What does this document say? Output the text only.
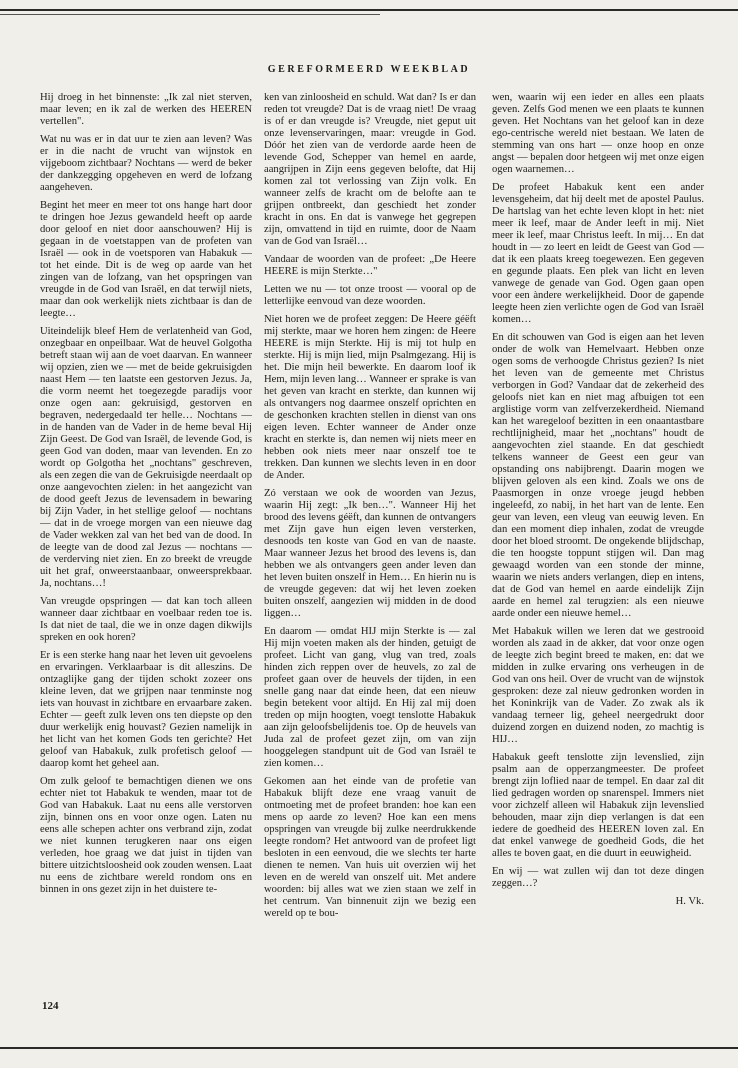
GEREFORMEERD WEEKBLAD

Hij droeg in het binnenste: „Ik zal niet sterven, maar leven; en ik zal de werken des HEEREN vertellen".

Wat nu was er in dat uur te zien aan leven? Was er in die nacht de vrucht van wijnstok en vijgeboom zichtbaar? Nochtans — werd de beker der dankzegging opgeheven en werd de lofzang aangeheven.

Begint het meer en meer tot ons hange hart door te dringen hoe Jezus gewandeld heeft op aarde door geloof en niet door aanschouwen? Hij is gegaan in de voetstappen van de profeten van Israël — ook in de voetsporen van Habakuk — tot het einde. Dit is de weg op aarde van het zingen van de lofzang, van het opspringen van vreugde in de God van Israël, en dat terwijl niets, maar dan ook werkelijk niets zichtbaar is dan de leegte…

Uiteindelijk bleef Hem de verlatenheid van God, onzegbaar en onpeilbaar. Wat de heuvel Golgotha betreft staan wij aan de voet daarvan. En wanneer wij opzien, zien we — met de beide gekruisigden naast Hem — ten laatste een gestorven Jezus. Ja, die vorm neemt het toegezegde paradijs voor onze ogen aan: gekruisigd, gestorven en begraven, nedergedaald ter helle… Nochtans — in de handen van de Vader in de heme beval Hij Zijn Geest. De God van Israël, de levende God, is geen God van doden, maar van levenden. En zo wordt op Golgotha het „nochtans" geschreven, als een zegen die van de Gekruisigde neerdaalt op onze aangevochten zielen: in het aangezicht van de dood geeft Jezus de levensadem in bewaring bij Zijn Vader, in het stellige geloof — nochtans — dat in de vroege morgen van een nieuwe dag de Vader wekken zal van het bed van de dood. In de leegte van de dood zal Jezus — nochtans — de verderving niet zien. En zo breekt de vreugde uit het graf, onweerstaanbaar, onweersprekbaar. Ja, nochtans…!

Van vreugde opspringen — dat kan toch alleen wanneer daar zichtbaar en voelbaar reden toe is. Is dat niet de taal, die we in onze dagen dikwijls spreken en ook horen?

Er is een sterke hang naar het leven uit gevoelens en ervaringen. Verklaarbaar is dit alleszins. De ontzaglijke gang der tijden schokt zozeer ons kleine leven, dat we grijpen naar tenminste nog iets van houvast in zichtbare en ervaarbare zaken. Echter — geeft zulk leven ons ten diepste op den duur werkelijk enig houvast? Gezien namelijk in het licht van het komen Gods ten gerichte? Het geloof van Habakuk, zulk profetisch geloof — daarop komt het geheel aan.

Om zulk geloof te bemachtigen dienen we ons echter niet tot Habakuk te wenden, maar tot de God van Habakuk. Laat nu eens alle verstorven zijn, binnen ons en voor onze ogen. Laten nu eens alle schepen achter ons verbrand zijn, zodat we niet kunnen terugkeren naar ons eigen verleden, hoe graag we dat juist in tijden van bittere uitzichtsloosheid ook zouden wensen. Laat nu eens de zichtbare wereld rondom ons en binnen in ons gezet zijn in het duistere te-

ken van zinloosheid en schuld. Wat dan? Is er dan reden tot vreugde? Dat is de vraag niet! De vraag is of er dan vreugde is? Vreugde, niet geput uit onze levenservaringen, maar: vreugde in God. Dóór het zien van de verdorde aarde heen de levende God, Schepper van hemel en aarde, aangrijpen in Zijn eens gegeven belofte, dat Hij komen zal tot verlossing van Zijn volk. En wanneer zelfs de kracht om de belofte aan te grijpen ontbreekt, dan geschiedt het zonder kracht in ons. En dat is vanwege het gegrepen zijn, omvattend in tijd en ruimte, door de Naam van de God van Israël…

Vandaar de woorden van de profeet: „De Heere HEERE is mijn Sterkte…"

Letten we nu — tot onze troost — vooral op de letterlijke eenvoud van deze woorden.

Niet horen we de profeet zeggen: De Heere géëft mij sterkte, maar we horen hem zingen: de Heere HEERE is mijn Sterkte. Hij is mij tot hulp en sterkte. Hij is mijn lied, mijn Psalmgezang. Hij is het. Die mijn heil bewerkte. En daarom loof ik Hem, mijn leven lang… Wanneer er sprake is van het geven van kracht en sterkte, dan kunnen wij als ontvangers nog daarmee onszelf oprichten en de geschonken krachten stellen in dienst van ons eigen leven. Echter wanneer de Ander onze kracht en sterkte is, dan nemen wij niets meer en hebben ook niets meer naar onszelf toe te trekken. Dan kunnen we slechts leven in en door de Ander.

Zó verstaan we ook de woorden van Jezus, waarin Hij zegt: „Ik ben…". Wanneer Hij het brood des levens géëft, dan kunnen de ontvangers met Zijn gave hun eigen leven versterken, desnoods ten koste van God en van de naaste. Maar wanneer Jezus het brood des levens is, dan hebben we als ontvangers geen ander leven dan het leven buiten onszelf in Hem… En hierin nu is de vreugde gegeven: dat wij het leven zoeken buiten onszelf, aangezien wij midden in de dood liggen…

En daarom — omdat HIJ mijn Sterkte is — zal Hij mijn voeten maken als der hinden, getuigt de profeet. Licht van gang, vlug van tred, zoals hinden zich reppen over de heuvels, zo zal de profeet gaan over de heuvels der tijden, in een snelle gang naar dat einde heen, dat een nieuw begin betekent voor altijd. En Hij zal mij doen treden op mijn hoogten, voegt tenslotte Habakuk aan zijn geloofsbelijdenis toe. Op de heuvels van Juda zal de profeet gezet zijn, om van zijn hooggelegen standpunt uit de God van Israël te zien komen…

Gekomen aan het einde van de profetie van Habakuk blijft deze ene vraag vanuit de ontmoeting met de profeet branden: hoe kan een mens op aarde zo leven? Hoe kan een mens opspringen van vreugde bij zulke neerdrukkende leegte rondom? Het antwoord van de profeet ligt besloten in een eenvoud, die we slechts ter harte dienen te nemen. Van huis uit overzien wij het leven en de wereld van onszelf uit. Met andere woorden: bij alles wat we zien staan we zelf in het centrum. Van binnenuit zijn we bezig een wereld op te bou-

wen, waarin wij een ieder en alles een plaats geven. Zelfs God menen we een plaats te kunnen geven. Het Nochtans van het geloof kan in deze ego-centrische wereld niet bestaan. We laten de stemming van ons hart — onze hoop en onze angst — bepalen door hetgeen wij met onze eigen ogen waarnemen…

De profeet Habakuk kent een ander levensgeheim, dat hij deelt met de apostel Paulus. De hartslag van het echte leven klopt in het: niet meer ik leef, maar de Ander leeft in mij. Niet meer ik leef, maar Christus leeft. In mij… En dat houdt in — zo leert en leidt de Geest van God — dat ik een plaats kreeg toegewezen. Een gegeven en gegunde plaats. Een plek van licht en leven vanwege de genade van God. Ogen gaan open voor een àndere werkelijkheid. Door de gapende leegte heen zien verlichte ogen de God van Israël komen…

En dit schouwen van God is eigen aan het leven onder de wolk van Hemelvaart. Hebben onze ogen soms de verhoogde Christus gezien? Is niet het leven van de gemeente met Christus verborgen in God? Vandaar dat de zekerheid des geloofs niet kan en niet mag afbuigen tot een arglistige vorm van zelfverzekerdheid. Niemand kan het waregeloof bezitten in een onaantastbare rechtlijnigheid, maar het „nochtans" houdt de aangevochten ziel staande. En dat geschiedt telkens wanneer de Geest een geur van opstanding ons nabijbrengt. Daarin mogen we blijven geloven als een kind. Zoals we ons de Paasmorgen in onze vroege jeugd hebben ingeleefd, zo nabij, in het hart van de lente. Een geur van leven, een vleug van eeuwig leven. En dan een moment diep inhalen, zodat de vreugde door het bloed stroomt. De ongekende blijdschap, die ten hoogste toppunt stijgen wil. Dan mag gewaagd worden van een stonde der minne, waarin we niets anders verlangen, diep en intens, dat de God van hemel en aarde eindelijk Zijn aarde en hemel zal terugzien: als een nieuwe aarde onder een nieuwe hemel…

Met Habakuk willen we leren dat we gestrooid worden als zaad in de akker, dat voor onze ogen de leegte zich begint breed te maken, en: dat we midden in zulke ervaring ons verheugen in de God van ons heil. Over de vrucht van de wijnstok gesproken: deze zal nieuw gedronken worden in het Koninkrijk van de Vader. Zo zwak als ik vandaag terneer lig, geheel neergedrukt door duizend zorgen en duizend noden, zo machtig is HIJ…

Habakuk geeft tenslotte zijn levenslied, zijn psalm aan de opperzangmeester. De profeet brengt zijn loflied naar de tempel. En daar zal dit lied gedragen worden op snarenspel. Immers niet voor zichzelf alleen wil Habakuk zijn levenslied behouden, maar zijn diep verlangen is dat een iedere de goedheid des HEEREN loven zal. En dat enkel vanwege de goedheid Gods, die het alles te boven gaat, en die duurt in eeuwigheid.

En wij — wat zullen wij dan tot deze dingen zeggen…?

H. Vk.

124
